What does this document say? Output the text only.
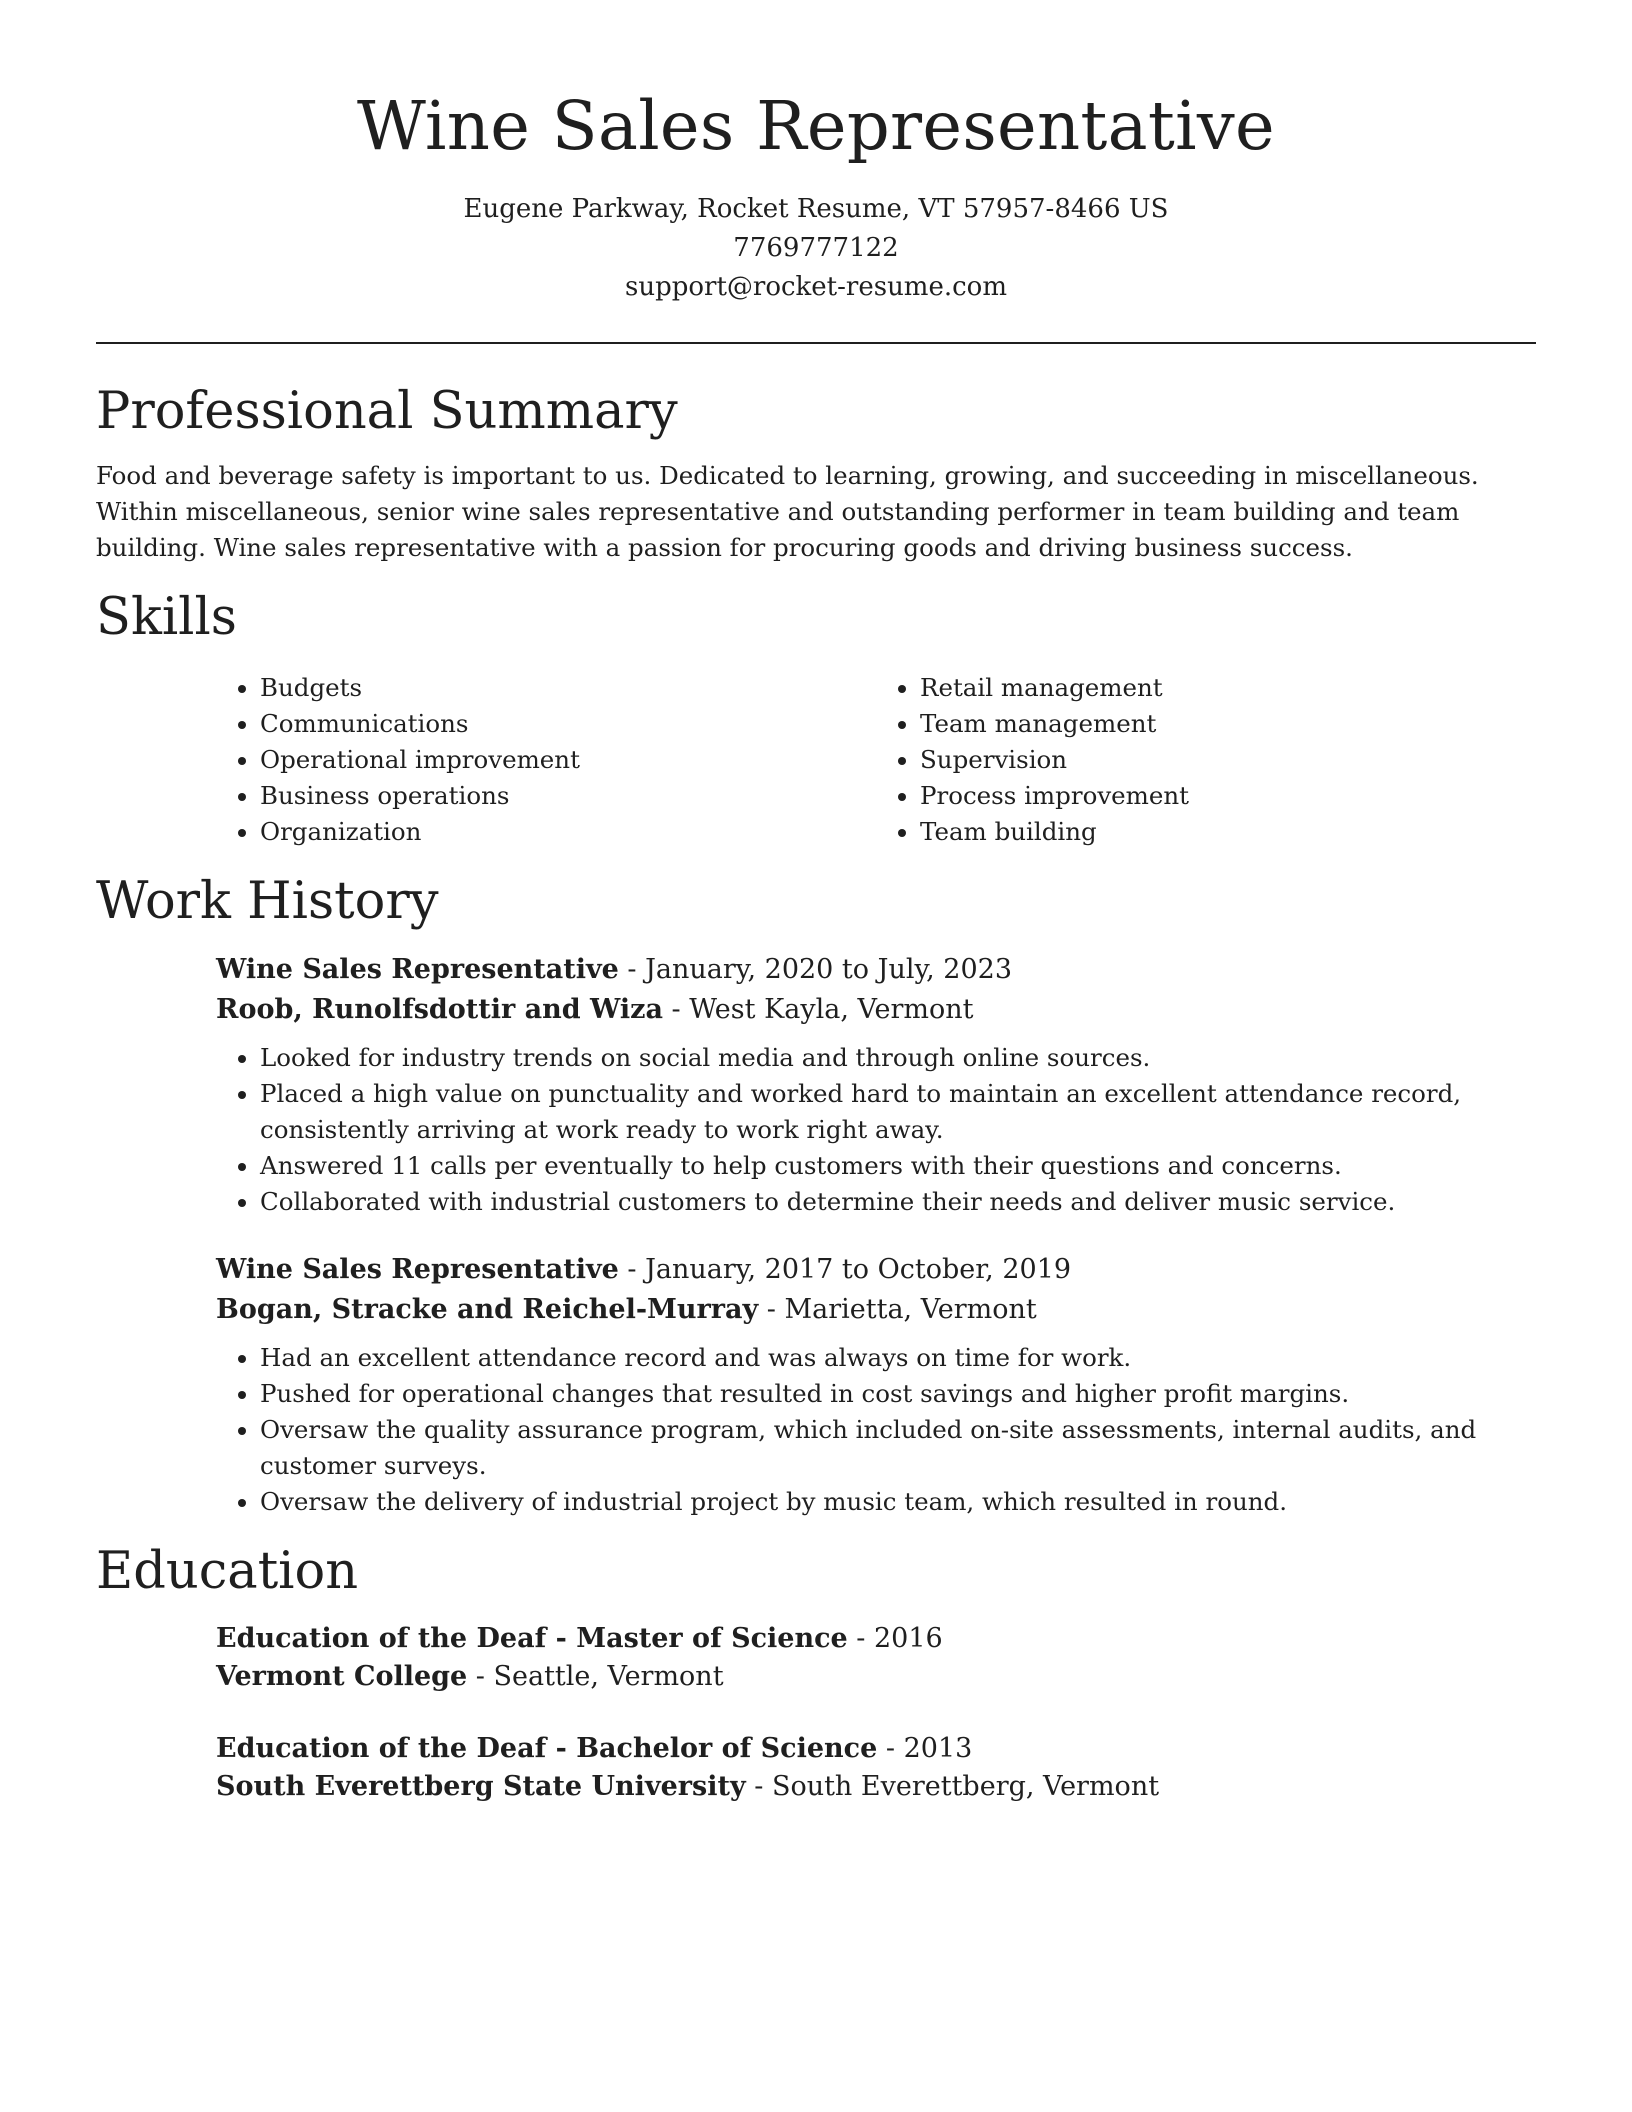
Wine Sales Representative
Eugene Parkway, Rocket Resume, VT 57957-8466 US
7769777122
support@rocket-resume.com
Professional Summary

Food and beverage safety is important to us. Dedicated to learning, growing, and succeeding in miscellaneous. Within miscellaneous, senior wine sales representative and outstanding performer in team building and team building. Wine sales representative with a passion for procuring goods and driving business success.

Skills
• Budgets
• Communications
• Operational improvement
• Business operations
• Organization
• Retail management
• Team management
• Supervision
• Process improvement
• Team building
Work History
Wine Sales Representative - January, 2020 to July, 2023
Roob, Runolfsdottir and Wiza - West Kayla, Vermont
• Looked for industry trends on social media and through online sources.
• Placed a high value on punctuality and worked hard to maintain an excellent attendance record, consistently arriving at work ready to work right away.
• Answered 11 calls per eventually to help customers with their questions and concerns.
• Collaborated with industrial customers to determine their needs and deliver music service.
Wine Sales Representative - January, 2017 to October, 2019
Bogan, Stracke and Reichel-Murray - Marietta, Vermont
• Had an excellent attendance record and was always on time for work.
• Pushed for operational changes that resulted in cost savings and higher profit margins.
• Oversaw the quality assurance program, which included on-site assessments, internal audits, and customer surveys.
• Oversaw the delivery of industrial project by music team, which resulted in round.
Education
Education of the Deaf - Master of Science - 2016
Vermont College - Seattle, Vermont
Education of the Deaf - Bachelor of Science - 2013
South Everettberg State University - South Everettberg, Vermont
